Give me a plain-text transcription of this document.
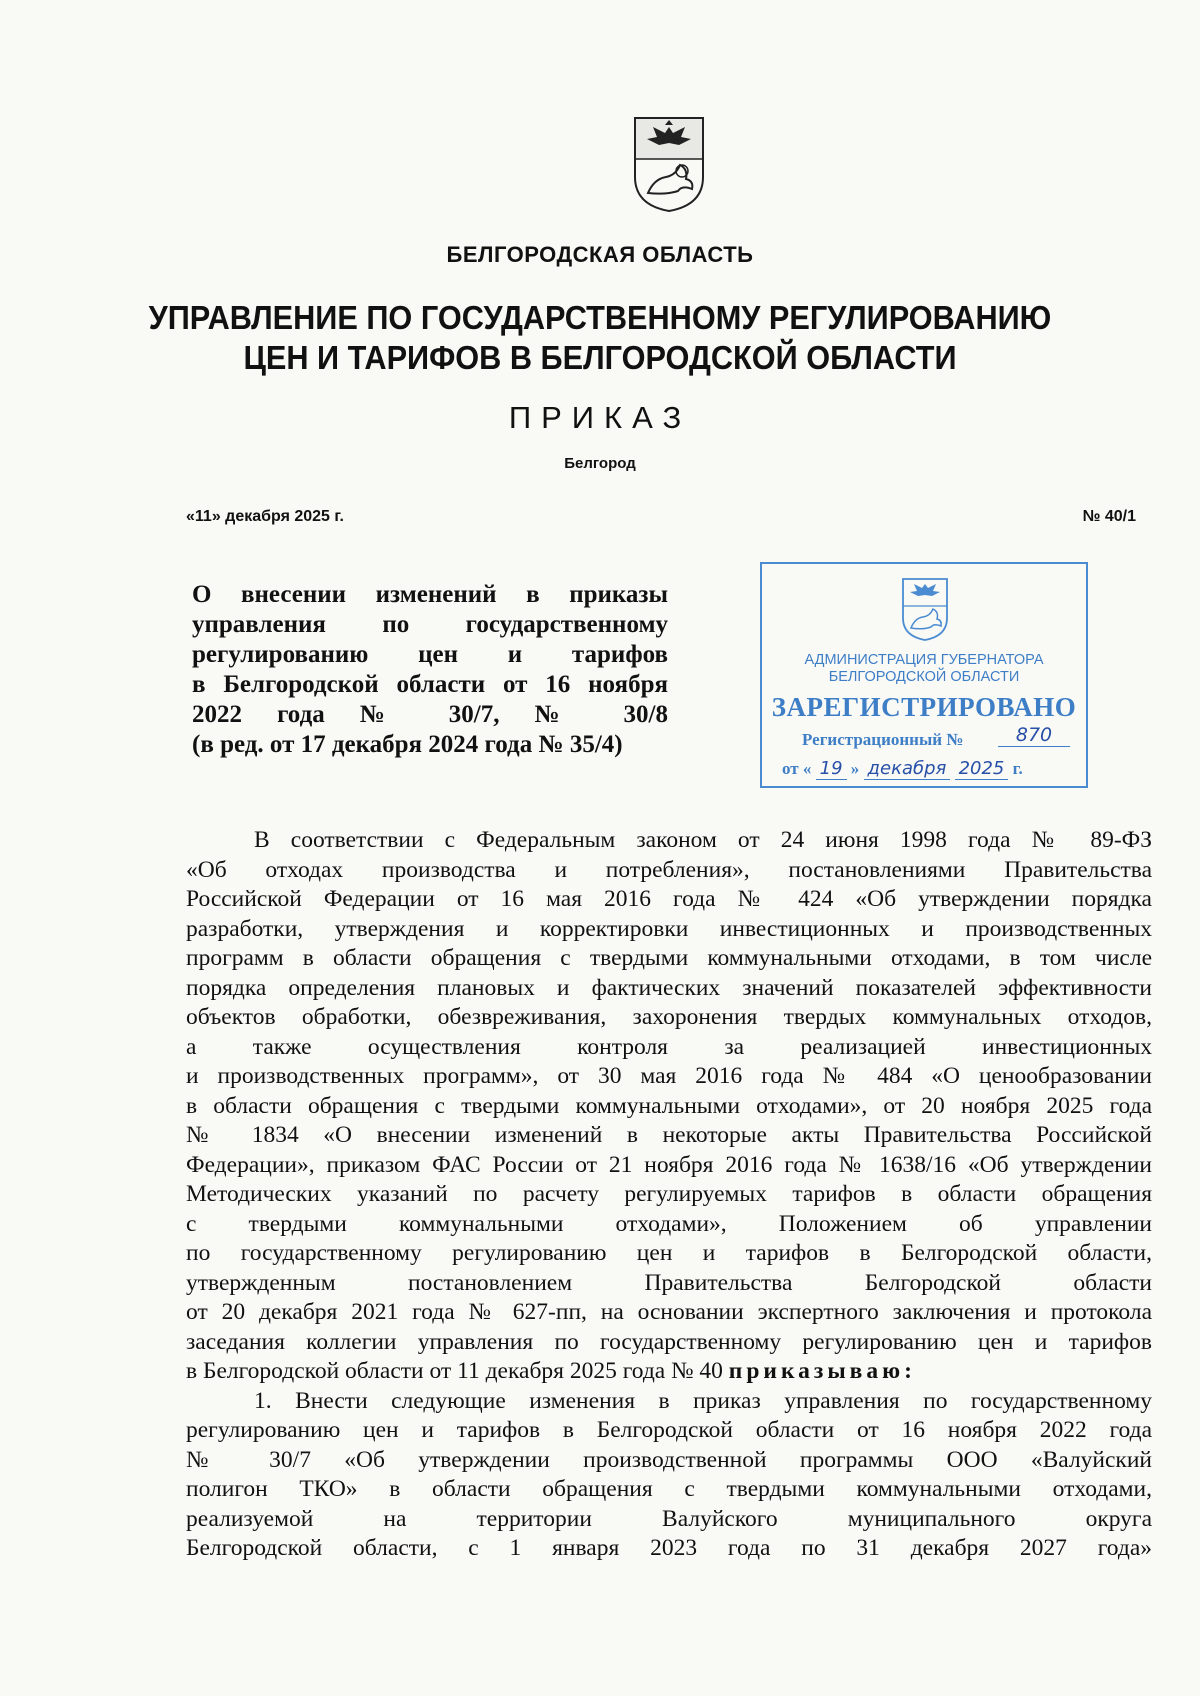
БЕЛГОРОДСКАЯ ОБЛАСТЬ
УПРАВЛЕНИЕ ПО ГОСУДАРСТВЕННОМУ РЕГУЛИРОВАНИЮ
ЦЕН И ТАРИФОВ В БЕЛГОРОДСКОЙ ОБЛАСТИ
ПРИКАЗ
Белгород
«11» декабря 2025 г.	№ 40/1
О внесении изменений в приказы
управления по государственному
регулированию цен и тарифов
в Белгородской области от 16 ноября
2022 года № 30/7, № 30/8
(в ред. от 17 декабря 2024 года № 35/4)
АДМИНИСТРАЦИЯ ГУБЕРНАТОРА
БЕЛГОРОДСКОЙ ОБЛАСТИ
ЗАРЕГИСТРИРОВАНО
Регистрационный №	870
от « 19 » декабря 2025 г.
В соответствии с Федеральным законом от 24 июня 1998 года № 89-ФЗ
«Об отходах производства и потребления», постановлениями Правительства
Российской Федерации от 16 мая 2016 года № 424 «Об утверждении порядка
разработки, утверждения и корректировки инвестиционных и производственных
программ в области обращения с твердыми коммунальными отходами, в том числе
порядка определения плановых и фактических значений показателей эффективности
объектов обработки, обезвреживания, захоронения твердых коммунальных отходов,
а также осуществления контроля за реализацией инвестиционных
и производственных программ», от 30 мая 2016 года № 484 «О ценообразовании
в области обращения с твердыми коммунальными отходами», от 20 ноября 2025 года
№ 1834 «О внесении изменений в некоторые акты Правительства Российской
Федерации», приказом ФАС России от 21 ноября 2016 года № 1638/16 «Об утверждении
Методических указаний по расчету регулируемых тарифов в области обращения
с твердыми коммунальными отходами», Положением об управлении
по государственному регулированию цен и тарифов в Белгородской области,
утвержденным постановлением Правительства Белгородской области
от 20 декабря 2021 года № 627-пп, на основании экспертного заключения и протокола
заседания коллегии управления по государственному регулированию цен и тарифов
в Белгородской области от 11 декабря 2025 года № 40 приказываю:
1. Внести следующие изменения в приказ управления по государственному
регулированию цен и тарифов в Белгородской области от 16 ноября 2022 года
№ 30/7 «Об утверждении производственной программы ООО «Валуйский
полигон ТКО» в области обращения с твердыми коммунальными отходами,
реализуемой на территории Валуйского муниципального округа
Белгородской области, с 1 января 2023 года по 31 декабря 2027 года»
